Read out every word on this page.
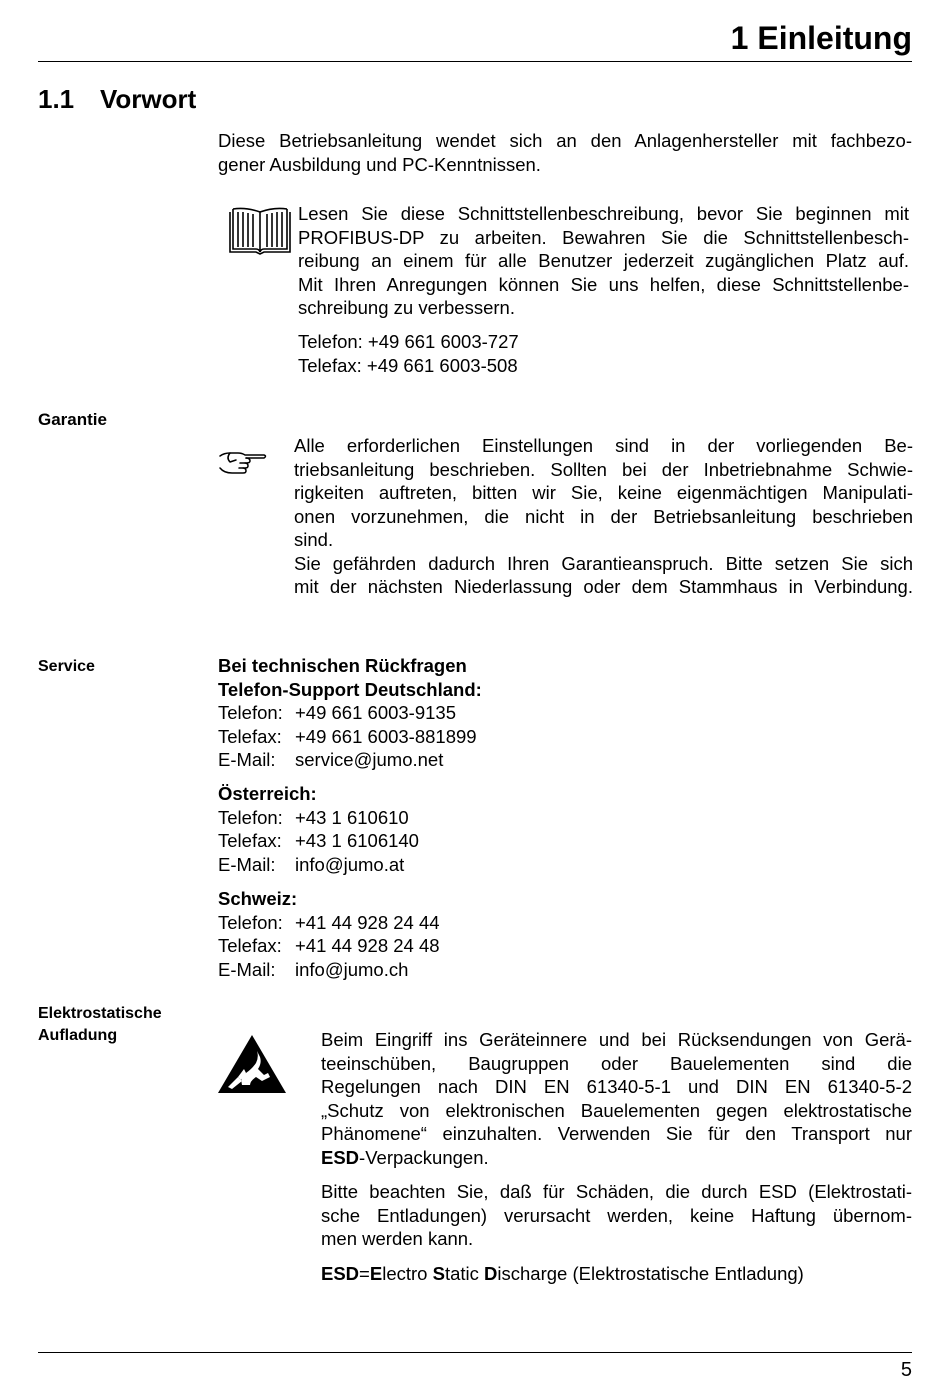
1 Einleitung
1.1 Vorwort
Diese Betriebsanleitung wendet sich an den Anlagenhersteller mit fachbezo-
gener Ausbildung und PC-Kenntnissen.
Lesen Sie diese Schnittstellenbeschreibung, bevor Sie beginnen mit
PROFIBUS-DP zu arbeiten. Bewahren Sie die Schnittstellenbesch-
reibung an einem für alle Benutzer jederzeit zugänglichen Platz auf.
Mit Ihren Anregungen können Sie uns helfen, diese Schnittstellenbe-
schreibung zu verbessern.
Telefon: +49 661 6003-727
Telefax: +49 661 6003-508
Garantie
Alle erforderlichen Einstellungen sind in der vorliegenden Be-
triebsanleitung beschrieben. Sollten bei der Inbetriebnahme Schwie-
rigkeiten auftreten, bitten wir Sie, keine eigenmächtigen Manipulati-
onen vorzunehmen, die nicht in der Betriebsanleitung beschrieben
sind.
Sie gefährden dadurch Ihren Garantieanspruch. Bitte setzen Sie sich
mit der nächsten Niederlassung oder dem Stammhaus in Verbindung.
Service	Bei technischen Rückfragen
Telefon-Support Deutschland:
Telefon: +49 661 6003-9135
Telefax: +49 661 6003-881899
E-Mail:	service@jumo.net
Österreich:
Telefon: +43 1 610610
Telefax: +43 1 6106140
E-Mail:	info@jumo.at
Schweiz:
Telefon: +41 44 928 24 44
Telefax: +41 44 928 24 48
E-Mail:	info@jumo.ch
Elektrostatische
Aufladung	Beim Eingriff ins Geräteinnere und bei Rücksendungen von Gerä-
teeinschüben, Baugruppen oder Bauelementen sind die
Regelungen nach DIN EN 61340-5-1 und DIN EN 61340-5-2
„Schutz von elektronischen Bauelementen gegen elektrostatische
Phänomene“ einzuhalten. Verwenden Sie für den Transport nur
ESD-Verpackungen.
Bitte beachten Sie, daß für Schäden, die durch ESD (Elektrostati-
sche Entladungen) verursacht werden, keine Haftung übernom-
men werden kann.
ESD=Electro Static Discharge (Elektrostatische Entladung)
5
